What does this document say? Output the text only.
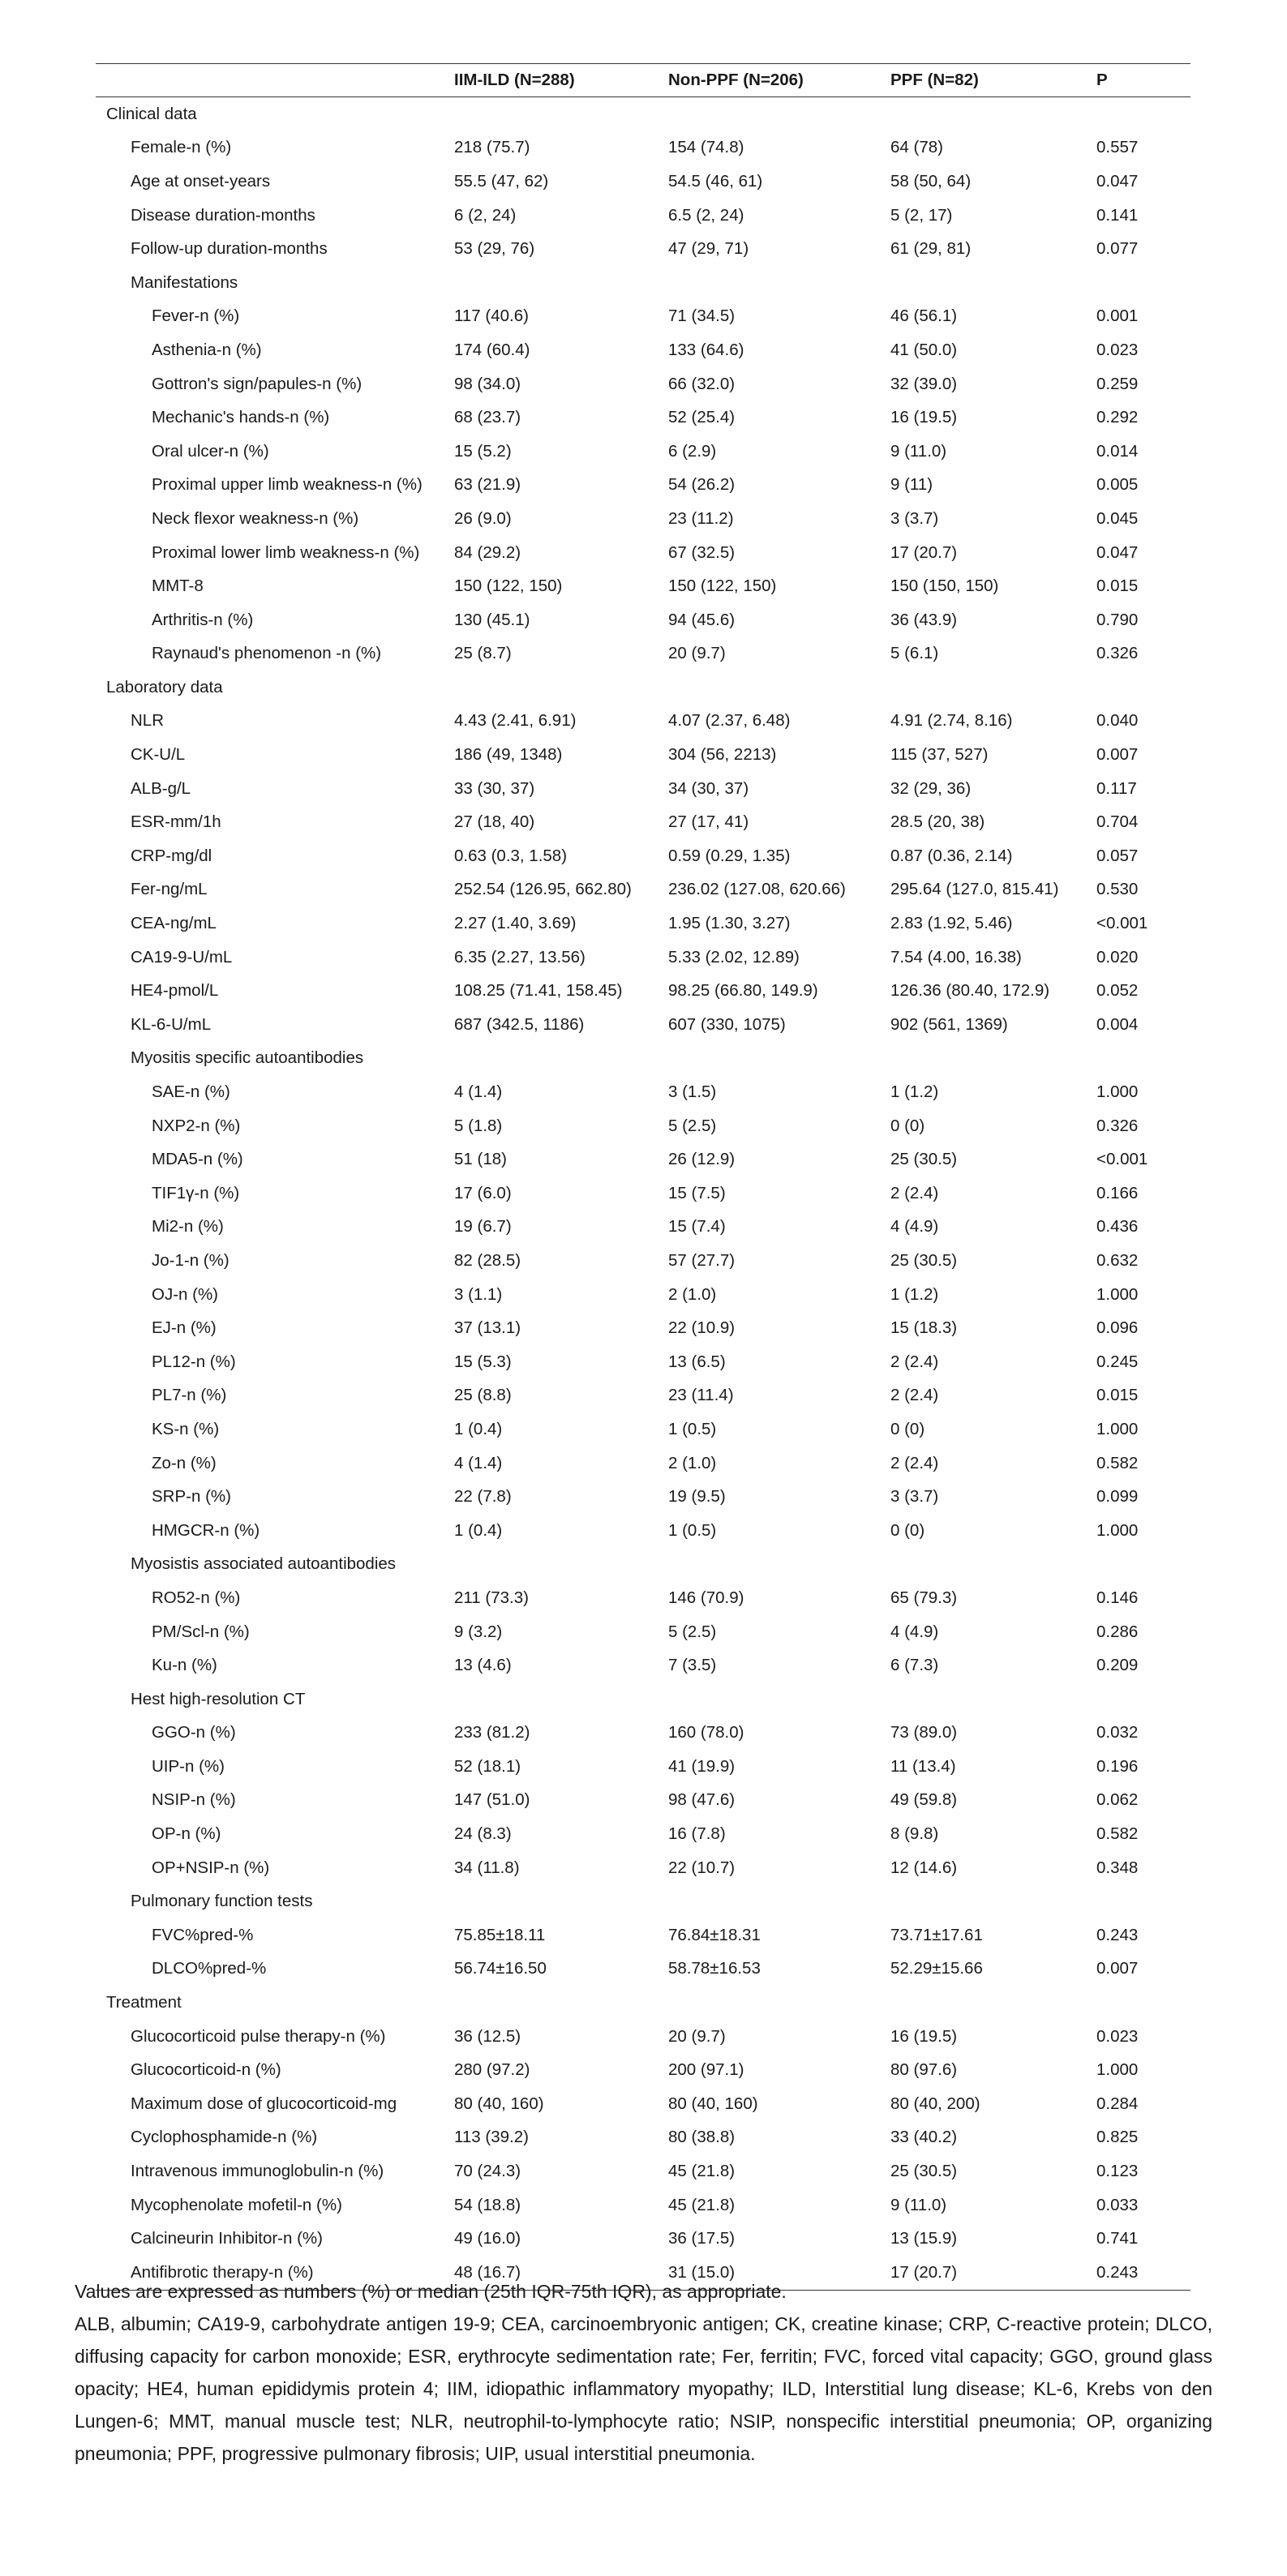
	IIM-ILD (N=288)	Non-PPF (N=206)	PPF (N=82)	P
Clinical data				
Female-n (%)	218 (75.7)	154 (74.8)	64 (78)	0.557
Age at onset-years	55.5 (47, 62)	54.5 (46, 61)	58 (50, 64)	0.047
Disease duration-months	6 (2, 24)	6.5 (2, 24)	5 (2, 17)	0.141
Follow-up duration-months	53 (29, 76)	47 (29, 71)	61 (29, 81)	0.077
Manifestations				
Fever-n (%)	117 (40.6)	71 (34.5)	46 (56.1)	0.001
Asthenia-n (%)	174 (60.4)	133 (64.6)	41 (50.0)	0.023
Gottron's sign/papules-n (%)	98 (34.0)	66 (32.0)	32 (39.0)	0.259
Mechanic's hands-n (%)	68 (23.7)	52 (25.4)	16 (19.5)	0.292
Oral ulcer-n (%)	15 (5.2)	6 (2.9)	9 (11.0)	0.014
Proximal upper limb weakness-n (%)	63 (21.9)	54 (26.2)	9 (11)	0.005
Neck flexor weakness-n (%)	26 (9.0)	23 (11.2)	3 (3.7)	0.045
Proximal lower limb weakness-n (%)	84 (29.2)	67 (32.5)	17 (20.7)	0.047
MMT-8	150 (122, 150)	150 (122, 150)	150 (150, 150)	0.015
Arthritis-n (%)	130 (45.1)	94 (45.6)	36 (43.9)	0.790
Raynaud's phenomenon -n (%)	25 (8.7)	20 (9.7)	5 (6.1)	0.326
Laboratory data				
NLR	4.43 (2.41, 6.91)	4.07 (2.37, 6.48)	4.91 (2.74, 8.16)	0.040
CK-U/L	186 (49, 1348)	304 (56, 2213)	115 (37, 527)	0.007
ALB-g/L	33 (30, 37)	34 (30, 37)	32 (29, 36)	0.117
ESR-mm/1h	27 (18, 40)	27 (17, 41)	28.5 (20, 38)	0.704
CRP-mg/dl	0.63 (0.3, 1.58)	0.59 (0.29, 1.35)	0.87 (0.36, 2.14)	0.057
Fer-ng/mL	252.54 (126.95, 662.80)	236.02 (127.08, 620.66)	295.64 (127.0, 815.41)	0.530
CEA-ng/mL	2.27 (1.40, 3.69)	1.95 (1.30, 3.27)	2.83 (1.92, 5.46)	<0.001
CA19-9-U/mL	6.35 (2.27, 13.56)	5.33 (2.02, 12.89)	7.54 (4.00, 16.38)	0.020
HE4-pmol/L	108.25 (71.41, 158.45)	98.25 (66.80, 149.9)	126.36 (80.40, 172.9)	0.052
KL-6-U/mL	687 (342.5, 1186)	607 (330, 1075)	902 (561, 1369)	0.004
Myositis specific autoantibodies				
SAE-n (%)	4 (1.4)	3 (1.5)	1 (1.2)	1.000
NXP2-n (%)	5 (1.8)	5 (2.5)	0 (0)	0.326
MDA5-n (%)	51 (18)	26 (12.9)	25 (30.5)	<0.001
TIF1γ-n (%)	17 (6.0)	15 (7.5)	2 (2.4)	0.166
Mi2-n (%)	19 (6.7)	15 (7.4)	4 (4.9)	0.436
Jo-1-n (%)	82 (28.5)	57 (27.7)	25 (30.5)	0.632
OJ-n (%)	3 (1.1)	2 (1.0)	1 (1.2)	1.000
EJ-n (%)	37 (13.1)	22 (10.9)	15 (18.3)	0.096
PL12-n (%)	15 (5.3)	13 (6.5)	2 (2.4)	0.245
PL7-n (%)	25 (8.8)	23 (11.4)	2 (2.4)	0.015
KS-n (%)	1 (0.4)	1 (0.5)	0 (0)	1.000
Zo-n (%)	4 (1.4)	2 (1.0)	2 (2.4)	0.582
SRP-n (%)	22 (7.8)	19 (9.5)	3 (3.7)	0.099
HMGCR-n (%)	1 (0.4)	1 (0.5)	0 (0)	1.000
Myosistis associated autoantibodies				
RO52-n (%)	211 (73.3)	146 (70.9)	65 (79.3)	0.146
PM/Scl-n (%)	9 (3.2)	5 (2.5)	4 (4.9)	0.286
Ku-n (%)	13 (4.6)	7 (3.5)	6 (7.3)	0.209
Hest high-resolution CT				
GGO-n (%)	233 (81.2)	160 (78.0)	73 (89.0)	0.032
UIP-n (%)	52 (18.1)	41 (19.9)	11 (13.4)	0.196
NSIP-n (%)	147 (51.0)	98 (47.6)	49 (59.8)	0.062
OP-n (%)	24 (8.3)	16 (7.8)	8 (9.8)	0.582
OP+NSIP-n (%)	34 (11.8)	22 (10.7)	12 (14.6)	0.348
Pulmonary function tests				
FVC%pred-%	75.85±18.11	76.84±18.31	73.71±17.61	0.243
DLCO%pred-%	56.74±16.50	58.78±16.53	52.29±15.66	0.007
Treatment				
Glucocorticoid pulse therapy-n (%)	36 (12.5)	20 (9.7)	16 (19.5)	0.023
Glucocorticoid-n (%)	280 (97.2)	200 (97.1)	80 (97.6)	1.000
Maximum dose of glucocorticoid-mg	80 (40, 160)	80 (40, 160)	80 (40, 200)	0.284
Cyclophosphamide-n (%)	113 (39.2)	80 (38.8)	33 (40.2)	0.825
Intravenous immunoglobulin-n (%)	70 (24.3)	45 (21.8)	25 (30.5)	0.123
Mycophenolate mofetil-n (%)	54 (18.8)	45 (21.8)	9 (11.0)	0.033
Calcineurin Inhibitor-n (%)	49 (16.0)	36 (17.5)	13 (15.9)	0.741
Antifibrotic therapy-n (%)	48 (16.7)	31 (15.0)	17 (20.7)	0.243

Values are expressed as numbers (%) or median (25th IQR-75th IQR), as appropriate.

ALB, albumin; CA19-9, carbohydrate antigen 19-9; CEA, carcinoembryonic antigen; CK, creatine kinase; CRP, C-reactive protein; DLCO, diffusing capacity for carbon monoxide; ESR, erythrocyte sedimentation rate; Fer, ferritin; FVC, forced vital capacity; GGO, ground glass opacity; HE4, human epididymis protein 4; IIM, idiopathic inflammatory myopathy; ILD, Interstitial lung disease; KL-6, Krebs von den Lungen-6; MMT, manual muscle test; NLR, neutrophil-to-lymphocyte ratio; NSIP, nonspecific interstitial pneumonia; OP, organizing pneumonia; PPF, progressive pulmonary fibrosis; UIP, usual interstitial pneumonia.
